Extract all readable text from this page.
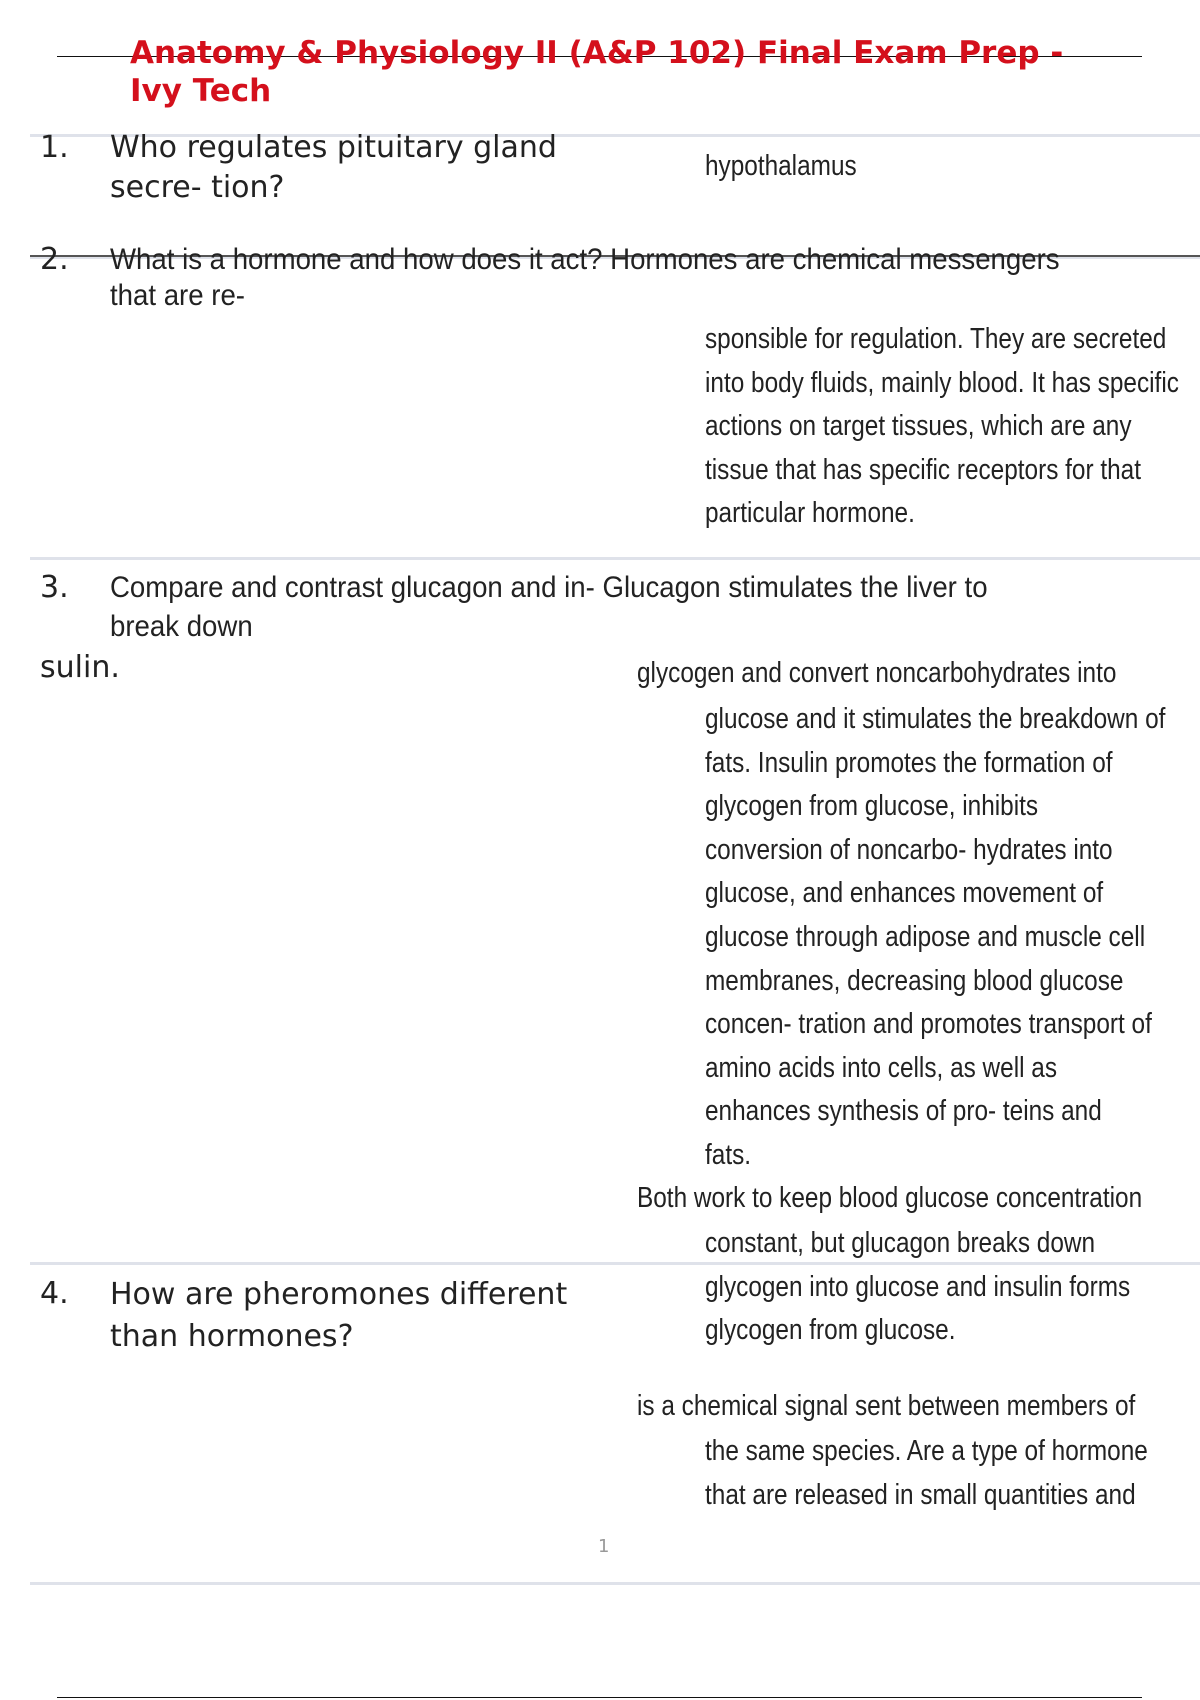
Anatomy & Physiology II (A&P 102) Final Exam Prep -
Ivy Tech
1. Who regulates pituitary gland
secre- tion?
hypothalamus
2. What is a hormone and how does it act? Hormones are chemical messengers
that are re-
sponsible for regulation. They are secreted
into body fluids, mainly blood. It has specific
actions on target tissues, which are any
tissue that has specific receptors for that
particular hormone.
3. Compare and contrast glucagon and in- Glucagon stimulates the liver to
break down
sulin.	glycogen and convert noncarbohydrates into
glucose and it stimulates the breakdown of
fats. Insulin promotes the formation of
glycogen from glucose, inhibits
conversion of noncarbo- hydrates into
glucose, and enhances movement of
glucose through adipose and muscle cell
membranes, decreasing blood glucose
concen- tration and promotes transport of
amino acids into cells, as well as
enhances synthesis of pro- teins and
fats.
Both work to keep blood glucose concentration
constant, but glucagon breaks down
glycogen into glucose and insulin forms
glycogen from glucose.
4. How are pheromones different
than hormones?
is a chemical signal sent between members of
the same species. Are a type of hormone
that are released in small quantities and
1
